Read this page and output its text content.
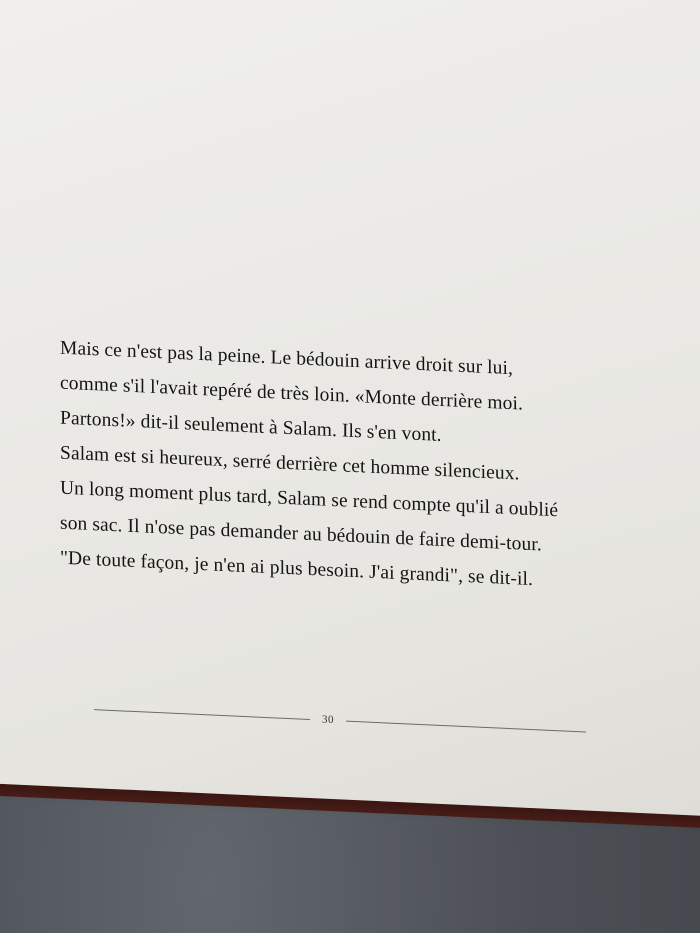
Mais ce n'est pas la peine. Le bédouin arrive droit sur lui,
comme s'il l'avait repéré de très loin. «Monte derrière moi.
Partons!» dit-il seulement à Salam. Ils s'en vont.
Salam est si heureux, serré derrière cet homme silencieux.
Un long moment plus tard, Salam se rend compte qu'il a oublié
son sac. Il n'ose pas demander au bédouin de faire demi-tour.
"De toute façon, je n'en ai plus besoin. J'ai grandi", se dit-il.
30
